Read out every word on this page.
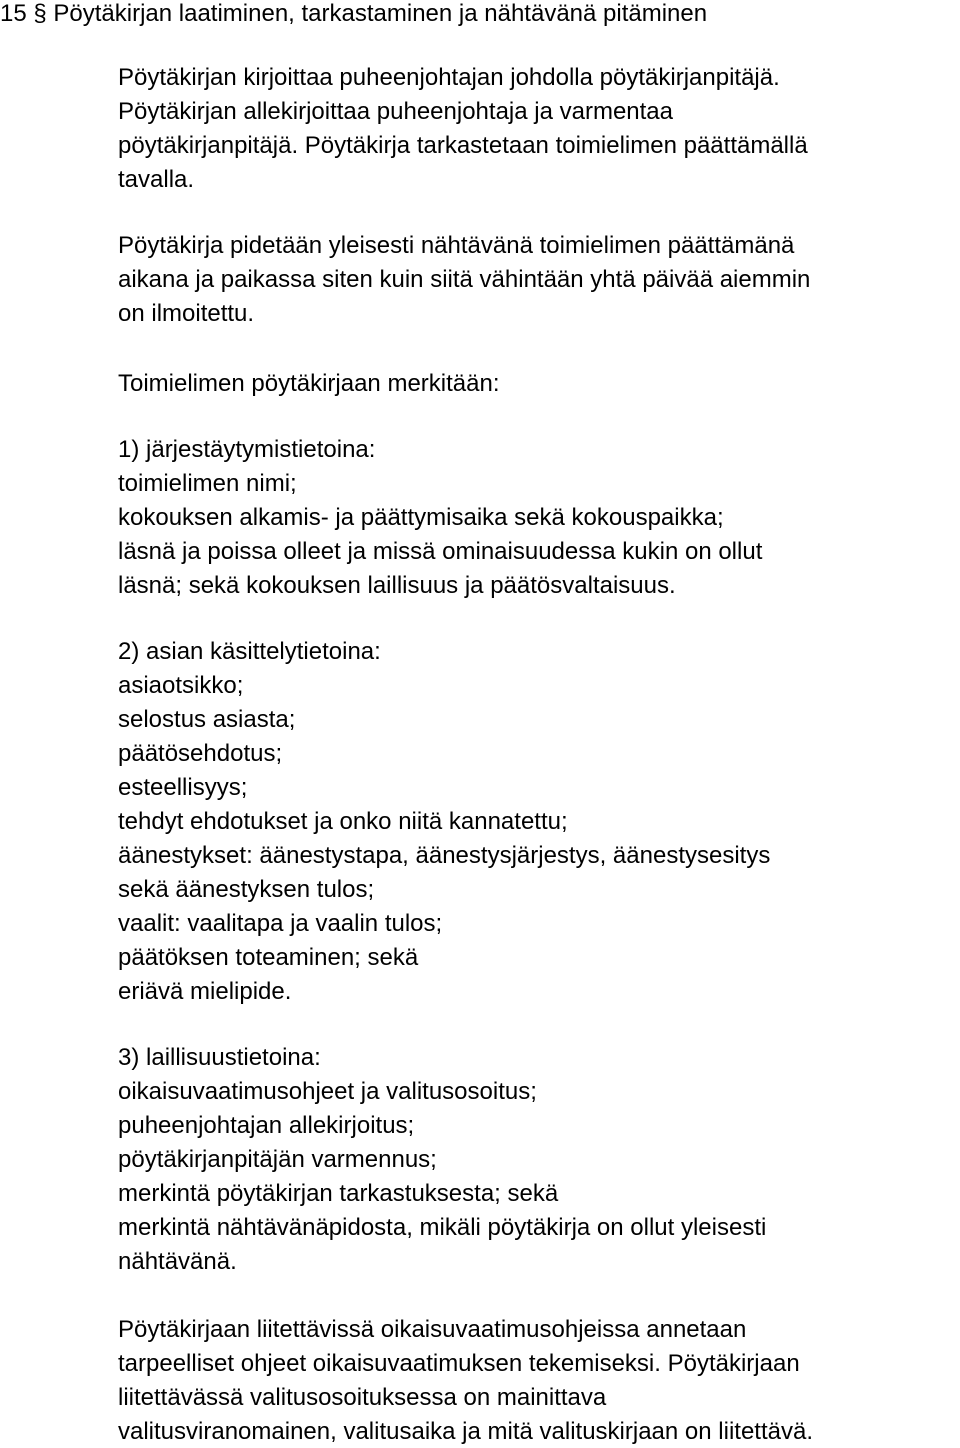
15 § Pöytäkirjan laatiminen, tarkastaminen ja nähtävänä pitäminen
Pöytäkirjan kirjoittaa puheenjohtajan johdolla pöytäkirjanpitäjä.
Pöytäkirjan allekirjoittaa puheenjohtaja ja varmentaa
pöytäkirjanpitäjä. Pöytäkirja tarkastetaan toimielimen päättämällä
tavalla.
Pöytäkirja pidetään yleisesti nähtävänä toimielimen päättämänä
aikana ja paikassa siten kuin siitä vähintään yhtä päivää aiemmin
on ilmoitettu.
Toimielimen pöytäkirjaan merkitään:
1) järjestäytymistietoina:
toimielimen nimi;
kokouksen alkamis- ja päättymisaika sekä kokouspaikka;
läsnä ja poissa olleet ja missä ominaisuudessa kukin on ollut
läsnä; sekä kokouksen laillisuus ja päätösvaltaisuus.
2) asian käsittelytietoina:
asiaotsikko;
selostus asiasta;
päätösehdotus;
esteellisyys;
tehdyt ehdotukset ja onko niitä kannatettu;
äänestykset: äänestystapa, äänestysjärjestys, äänestysesitys
sekä äänestyksen tulos;
vaalit: vaalitapa ja vaalin tulos;
päätöksen toteaminen; sekä
eriävä mielipide.
3) laillisuustietoina:
oikaisuvaatimusohjeet ja valitusosoitus;
puheenjohtajan allekirjoitus;
pöytäkirjanpitäjän varmennus;
merkintä pöytäkirjan tarkastuksesta; sekä
merkintä nähtävänäpidosta, mikäli pöytäkirja on ollut yleisesti
nähtävänä.
Pöytäkirjaan liitettävissä oikaisuvaatimusohjeissa annetaan
tarpeelliset ohjeet oikaisuvaatimuksen tekemiseksi. Pöytäkirjaan
liitettävässä valitusosoituksessa on mainittava
valitusviranomainen, valitusaika ja mitä valituskirjaan on liitettävä.
